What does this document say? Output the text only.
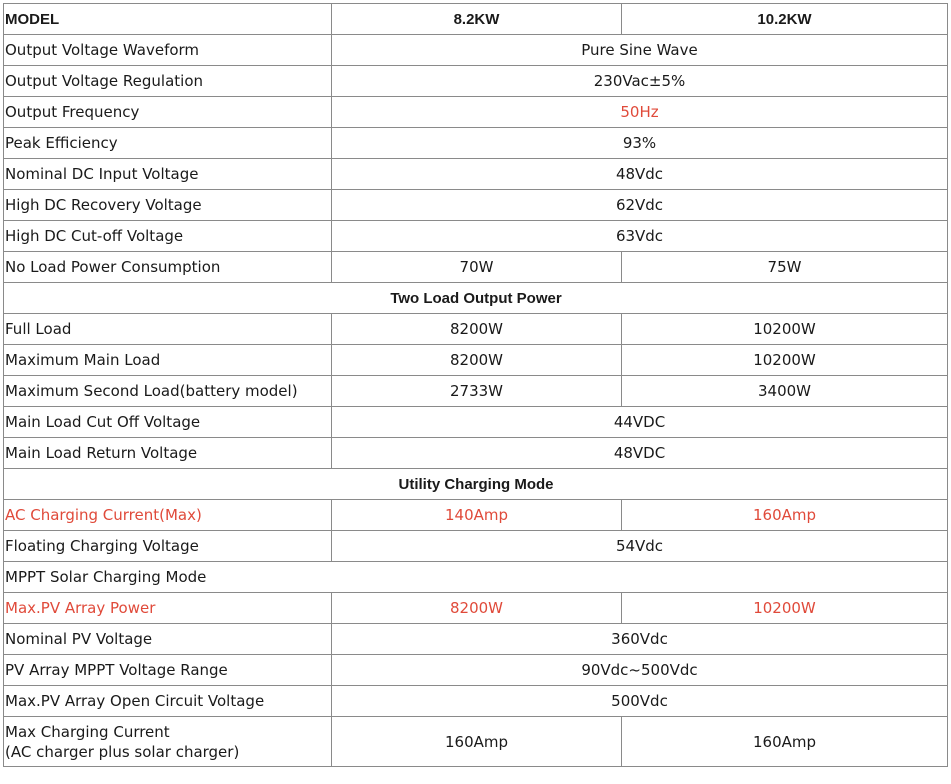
MODEL	8.2KW	10.2KW
Output Voltage Waveform	Pure Sine Wave	
Output Voltage Regulation	230Vac±5%	
Output Frequency	50Hz	
Peak Efficiency	93%	
Nominal DC Input Voltage	48Vdc	
High DC Recovery Voltage	62Vdc	
High DC Cut-off Voltage	63Vdc	
No Load Power Consumption	70W	75W
Two Load Output Power		
Full Load	8200W	10200W
Maximum Main Load	8200W	10200W
Maximum Second Load(battery model)	2733W	3400W
Main Load Cut Off Voltage	44VDC	
Main Load Return Voltage	48VDC	
Utility Charging Mode		
AC Charging Current(Max)	140Amp	160Amp
Floating Charging Voltage	54Vdc	
MPPT Solar Charging Mode		
Max.PV Array Power	8200W	10200W
Nominal PV Voltage	360Vdc	
PV Array MPPT Voltage Range	90Vdc~500Vdc	
Max.PV Array Open Circuit Voltage	500Vdc	
Max Charging Current
(AC charger plus solar charger)	160Amp	160Amp
